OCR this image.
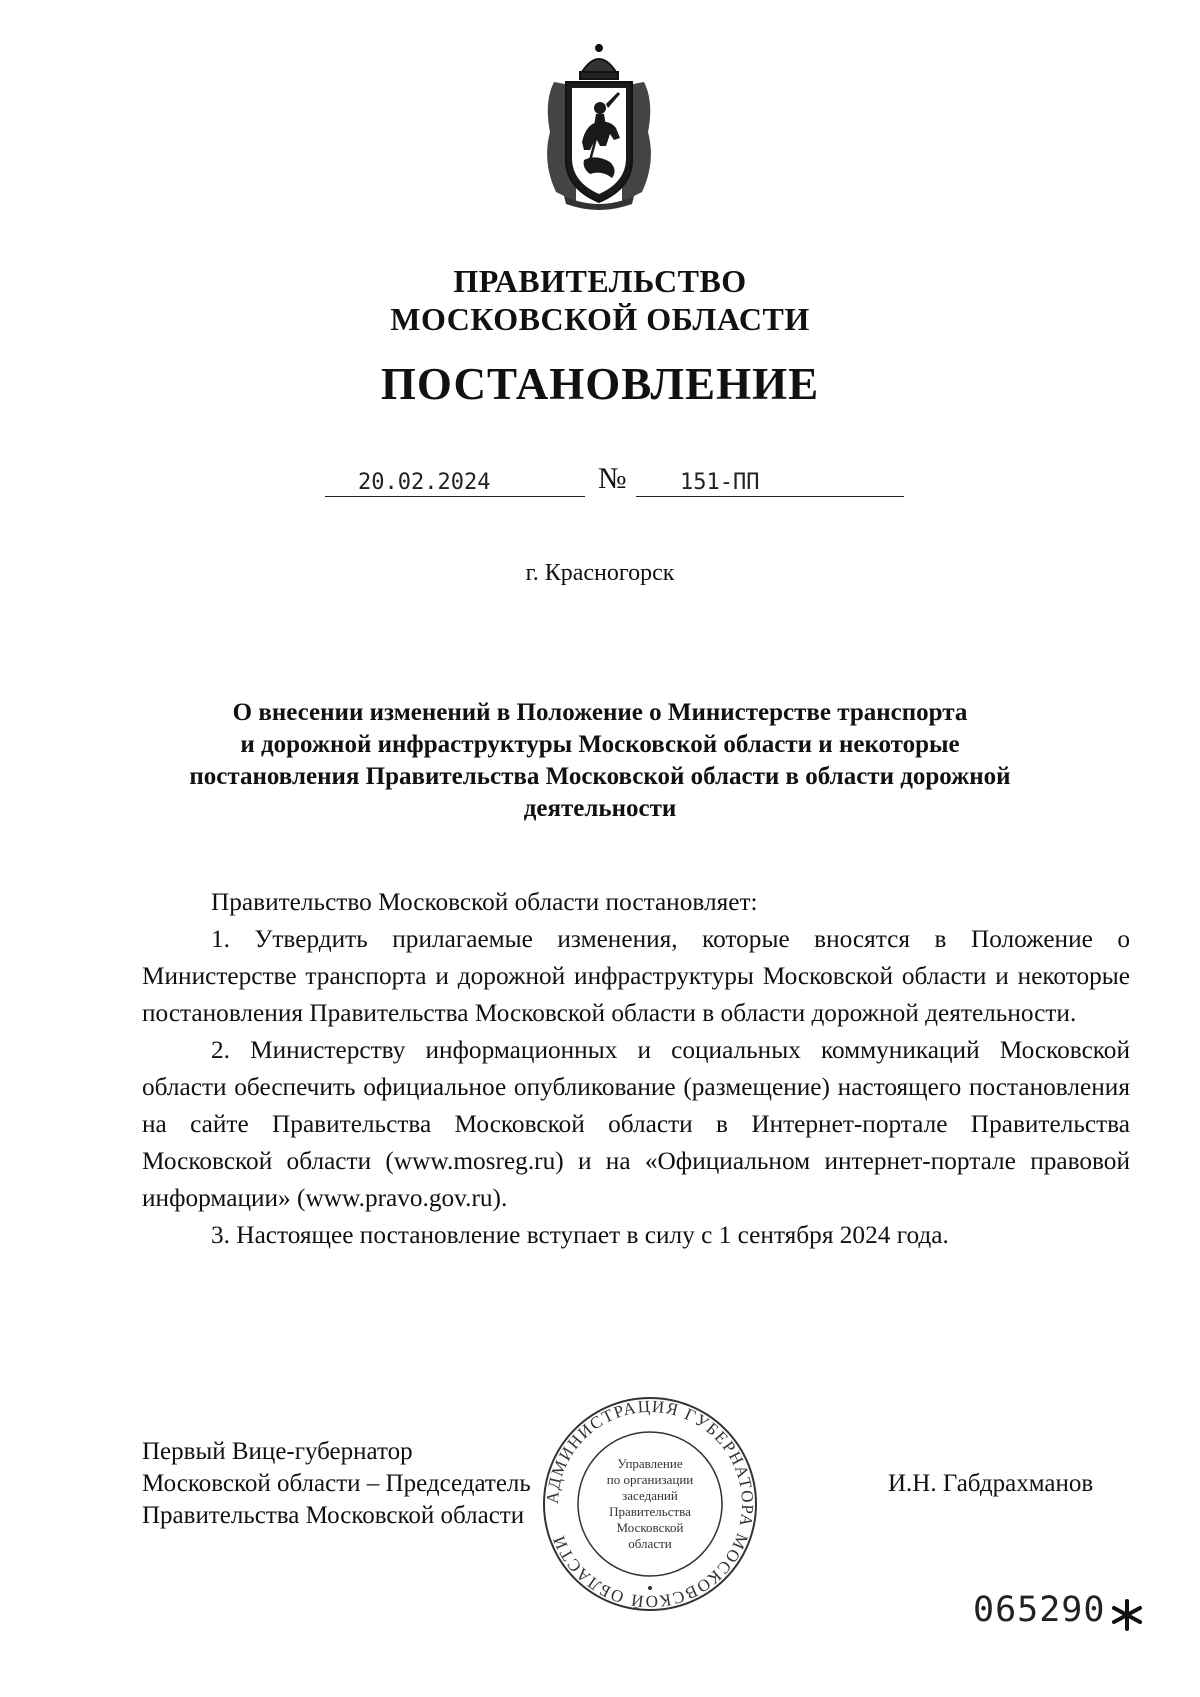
ПРАВИТЕЛЬСТВО
МОСКОВСКОЙ ОБЛАСТИ
ПОСТАНОВЛЕНИЕ
20.02.2024	№ 151-ПП
г. Красногорск
О внесении изменений в Положение о Министерстве транспорта
и дорожной инфраструктуры Московской области и некоторые
постановления Правительства Московской области в области дорожной
деятельности

Правительство Московской области постановляет:

1. Утвердить прилагаемые изменения, которые вносятся в Положение о Министерстве транспорта и дорожной инфраструктуры Московской области и некоторые постановления Правительства Московской области в области дорожной деятельности.

2. Министерству информационных и социальных коммуникаций Московской области обеспечить официальное опубликование (размещение) настоящего постановления на сайте Правительства Московской области в Интернет-портале Правительства Московской области (www.mosreg.ru) и на «Официальном интернет-портале правовой информации» (www.pravo.gov.ru).

3. Настоящее постановление вступает в силу с 1 сентября 2024 года.

Первый Вице-губернатор
Московской области – Председатель
Правительства Московской области
И.Н. Габдрахманов
АДМИНИСТРАЦИЯ ГУБЕРНАТОРА МОСКОВСКОЙ ОБЛАСТИ
Управление
по организации
заседаний
Правительства
Московской
области
065290
